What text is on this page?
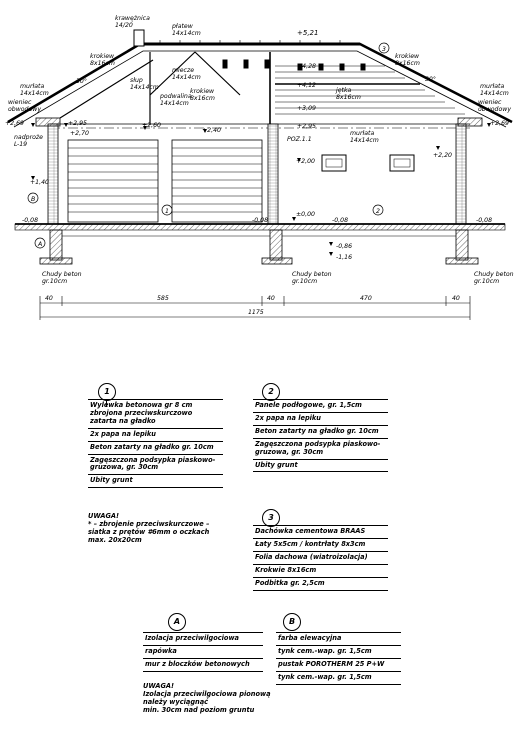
krawężnica 14/20	płatew 14x14cm	+5,21
krokiew 8x16cm
krokiew 8x16cm
miecze 14x14cm
słup 14x14cm
podwalina 14x14cm
krokiew 8x16cm
murłata 14x14cm
wieniec obwodowy
murłata 14x14cm
wieniec obwodowy
jętka 8x16cm
murłata 14x14cm
nadproże L-19
POZ.1.1
30°	30°
+4,28
+4,12
+3,09
+2,95	+2,95
+2,69	+2,69
+2,70
+2,60
+2,40
+2,20
+2,00
+1,40
±0,00
-0,08	-0,08	-0,08	-0,08
-0,86
-1,16
1	2
3
B
A
Chudy beton gr.10cm
Chudy beton gr.10cm
Chudy beton gr.10cm
40	585	40	470	40
1175
1
Wylewka betonowa gr 8 cm
zbrojona przeciwskurczowo
zatarta na gładko
2x papa na lepiku
Beton zatarty na gładko gr. 10cm
Zagęszczona podsypka piaskowo-
gruzowa, gr. 30cm
Ubity grunt
2
Panele podłogowe, gr. 1,5cm
2x papa na lepiku
Beton zatarty na gładko gr. 10cm
Zagęszczona podsypka piaskowo-
gruzowa, gr. 30cm
Ubity grunt
UWAGA!
* – zbrojenie przeciwskurczowe –
siatka z prętów #6mm o oczkach
max. 20x20cm
3
Dachówka cementowa BRAAS
Łaty 5x5cm / kontrłaty 8x3cm
Folia dachowa (wiatroizolacja)
Krokwie 8x16cm
Podbitka gr. 2,5cm
A
Izolacja przeciwilgociowa
rapówka
mur z bloczków betonowych
UWAGA!
Izolacja przeciwilgociowa pionową
należy wyciągnąć
min. 30cm nad poziom gruntu
B
farba elewacyjna
tynk cem.-wap. gr. 1,5cm
pustak POROTHERM 25 P+W
tynk cem.-wap. gr. 1,5cm
